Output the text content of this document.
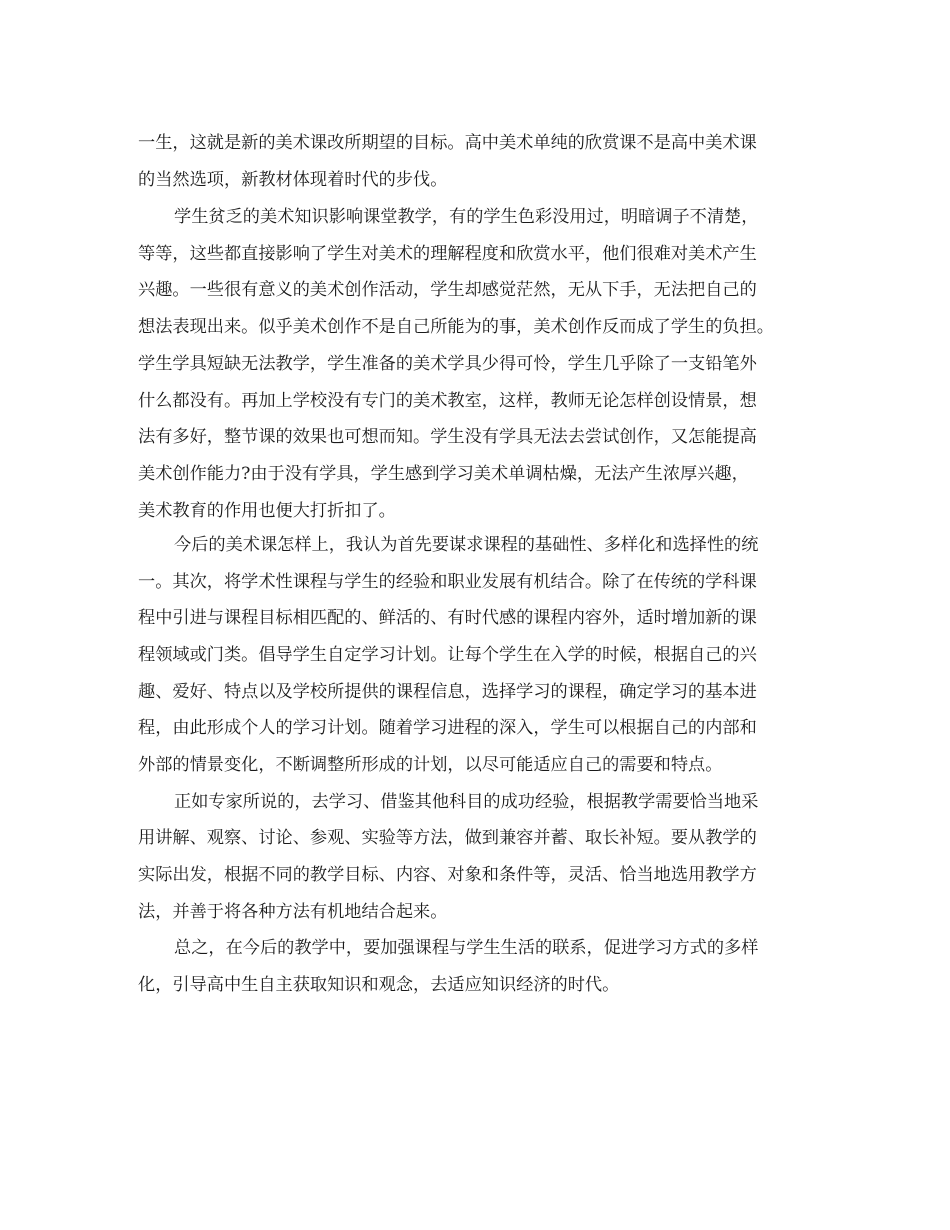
一生，这就是新的美术课改所期望的目标。高中美术单纯的欣赏课不是高中美术课
的当然选项，新教材体现着时代的步伐。
学生贫乏的美术知识影响课堂教学，有的学生色彩没用过，明暗调子不清楚，
等等，这些都直接影响了学生对美术的理解程度和欣赏水平，他们很难对美术产生
兴趣。一些很有意义的美术创作活动，学生却感觉茫然，无从下手，无法把自己的
想法表现出来。似乎美术创作不是自己所能为的事，美术创作反而成了学生的负担。
学生学具短缺无法教学，学生准备的美术学具少得可怜，学生几乎除了一支铅笔外
什么都没有。再加上学校没有专门的美术教室，这样，教师无论怎样创设情景，想
法有多好，整节课的效果也可想而知。学生没有学具无法去尝试创作，又怎能提高
美术创作能力?由于没有学具，学生感到学习美术单调枯燥，无法产生浓厚兴趣，
美术教育的作用也便大打折扣了。
今后的美术课怎样上，我认为首先要谋求课程的基础性、多样化和选择性的统
一。其次，将学术性课程与学生的经验和职业发展有机结合。除了在传统的学科课
程中引进与课程目标相匹配的、鲜活的、有时代感的课程内容外，适时增加新的课
程领域或门类。倡导学生自定学习计划。让每个学生在入学的时候，根据自己的兴
趣、爱好、特点以及学校所提供的课程信息，选择学习的课程，确定学习的基本进
程，由此形成个人的学习计划。随着学习进程的深入，学生可以根据自己的内部和
外部的情景变化，不断调整所形成的计划，以尽可能适应自己的需要和特点。
正如专家所说的，去学习、借鉴其他科目的成功经验，根据教学需要恰当地采
用讲解、观察、讨论、参观、实验等方法，做到兼容并蓄、取长补短。要从教学的
实际出发，根据不同的教学目标、内容、对象和条件等，灵活、恰当地选用教学方
法，并善于将各种方法有机地结合起来。
总之，在今后的教学中，要加强课程与学生生活的联系，促进学习方式的多样
化，引导高中生自主获取知识和观念，去适应知识经济的时代。
